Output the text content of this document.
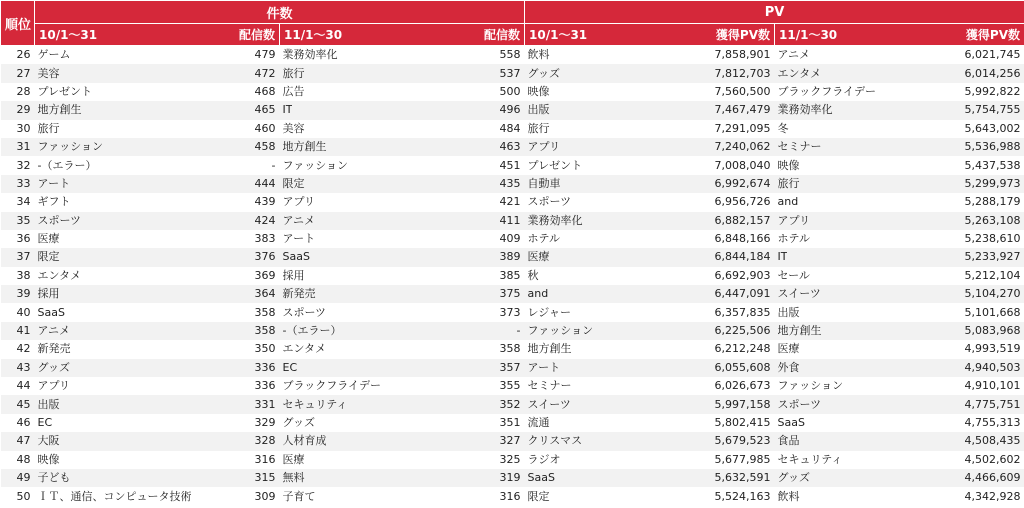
順位	件数		PV	

	10/1～31 配信数	11/1～30 配信数	10/1～31 獲得PV数	11/1～30 獲得PV数

26	ゲーム 479	業務効率化 558	飲料 7,858,901	アニメ 6,021,745

27	美容 472	旅行 537	グッズ 7,812,703	エンタメ 6,014,256

28	プレゼント 468	広告 500	映像 7,560,500	ブラックフライデー 5,992,822

29	地方創生 465	IT 496	出版 7,467,479	業務効率化 5,754,755

30	旅行 460	美容 484	旅行 7,291,095	冬 5,643,002

31	ファッション 458	地方創生 463	アプリ 7,240,062	セミナー 5,536,988

32	-（エラー） -	ファッション 451	プレゼント 7,008,040	映像 5,437,538

33	アート 444	限定 435	自動車 6,992,674	旅行 5,299,973

34	ギフト 439	アプリ 421	スポーツ 6,956,726	and 5,288,179

35	スポーツ 424	アニメ 411	業務効率化 6,882,157	アプリ 5,263,108

36	医療 383	アート 409	ホテル 6,848,166	ホテル 5,238,610

37	限定 376	SaaS 389	医療 6,844,184	IT 5,233,927

38	エンタメ 369	採用 385	秋 6,692,903	セール 5,212,104

39	採用 364	新発売 375	and 6,447,091	スイーツ 5,104,270

40	SaaS 358	スポーツ 373	レジャー 6,357,835	出版 5,101,668

41	アニメ 358	-（エラー） -	ファッション 6,225,506	地方創生 5,083,968

42	新発売 350	エンタメ 358	地方創生 6,212,248	医療 4,993,519

43	グッズ 336	EC 357	アート 6,055,608	外食 4,940,503

44	アプリ 336	ブラックフライデー 355	セミナー 6,026,673	ファッション 4,910,101

45	出版 331	セキュリティ 352	スイーツ 5,997,158	スポーツ 4,775,751

46	EC 329	グッズ 351	流通 5,802,415	SaaS 4,755,313

47	大阪 328	人材育成 327	クリスマス 5,679,523	食品 4,508,435

48	映像 316	医療 325	ラジオ 5,677,985	セキュリティ 4,502,602

49	子ども 315	無料 319	SaaS 5,632,591	グッズ 4,466,609

50	ＩＴ、通信、コンピュータ技術 309	子育て 316	限定 5,524,163	飲料 4,342,928
